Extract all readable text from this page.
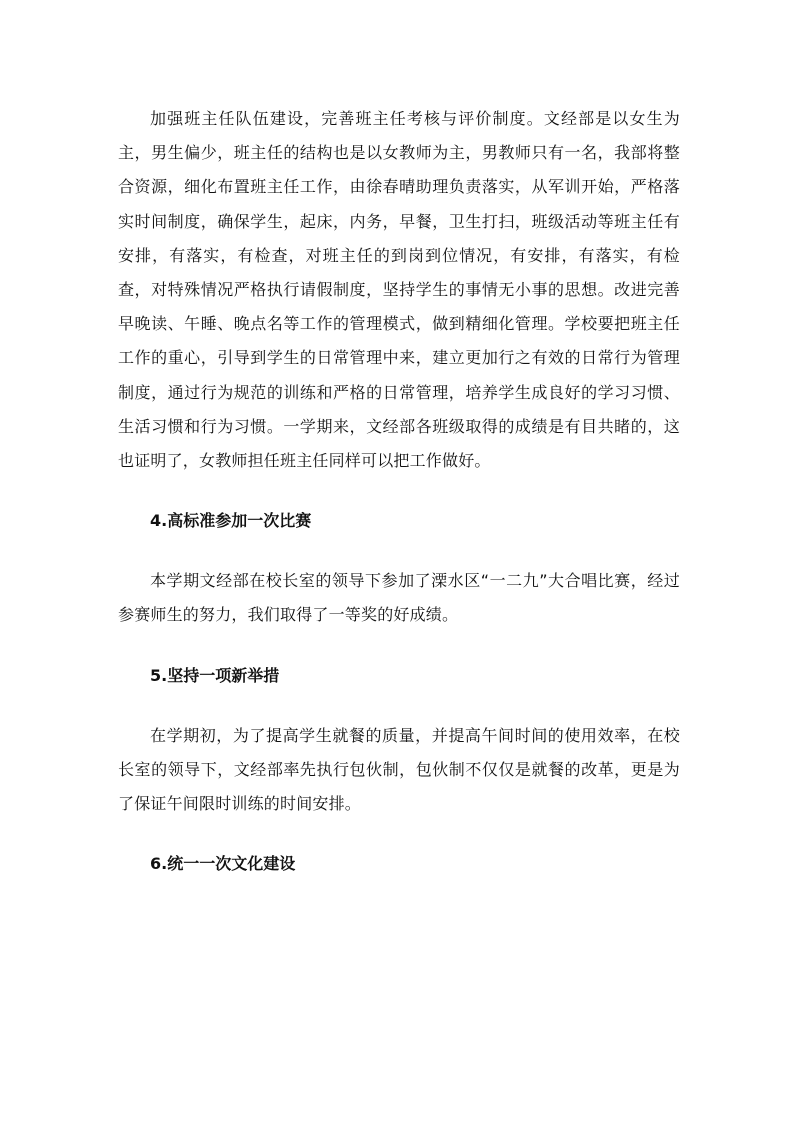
加强班主任队伍建设，完善班主任考核与评价制度。文经部是以女生为主，男生偏少，班主任的结构也是以女教师为主，男教师只有一名，我部将整合资源，细化布置班主任工作，由徐春晴助理负责落实，从军训开始，严格落实时间制度，确保学生，起床，内务，早餐，卫生打扫，班级活动等班主任有安排，有落实，有检查，对班主任的到岗到位情况，有安排，有落实，有检查，对特殊情况严格执行请假制度，坚持学生的事情无小事的思想。改进完善早晚读、午睡、晚点名等工作的管理模式，做到精细化管理。学校要把班主任工作的重心，引导到学生的日常管理中来，建立更加行之有效的日常行为管理制度，通过行为规范的训练和严格的日常管理，培养学生成良好的学习习惯、生活习惯和行为习惯。一学期来，文经部各班级取得的成绩是有目共睹的，这也证明了，女教师担任班主任同样可以把工作做好。

4.高标准参加一次比赛

本学期文经部在校长室的领导下参加了溧水区“一二九”大合唱比赛，经过参赛师生的努力，我们取得了一等奖的好成绩。

5.坚持一项新举措

在学期初，为了提高学生就餐的质量，并提高午间时间的使用效率，在校长室的领导下，文经部率先执行包伙制，包伙制不仅仅是就餐的改革，更是为了保证午间限时训练的时间安排。

6.统一一次文化建设
